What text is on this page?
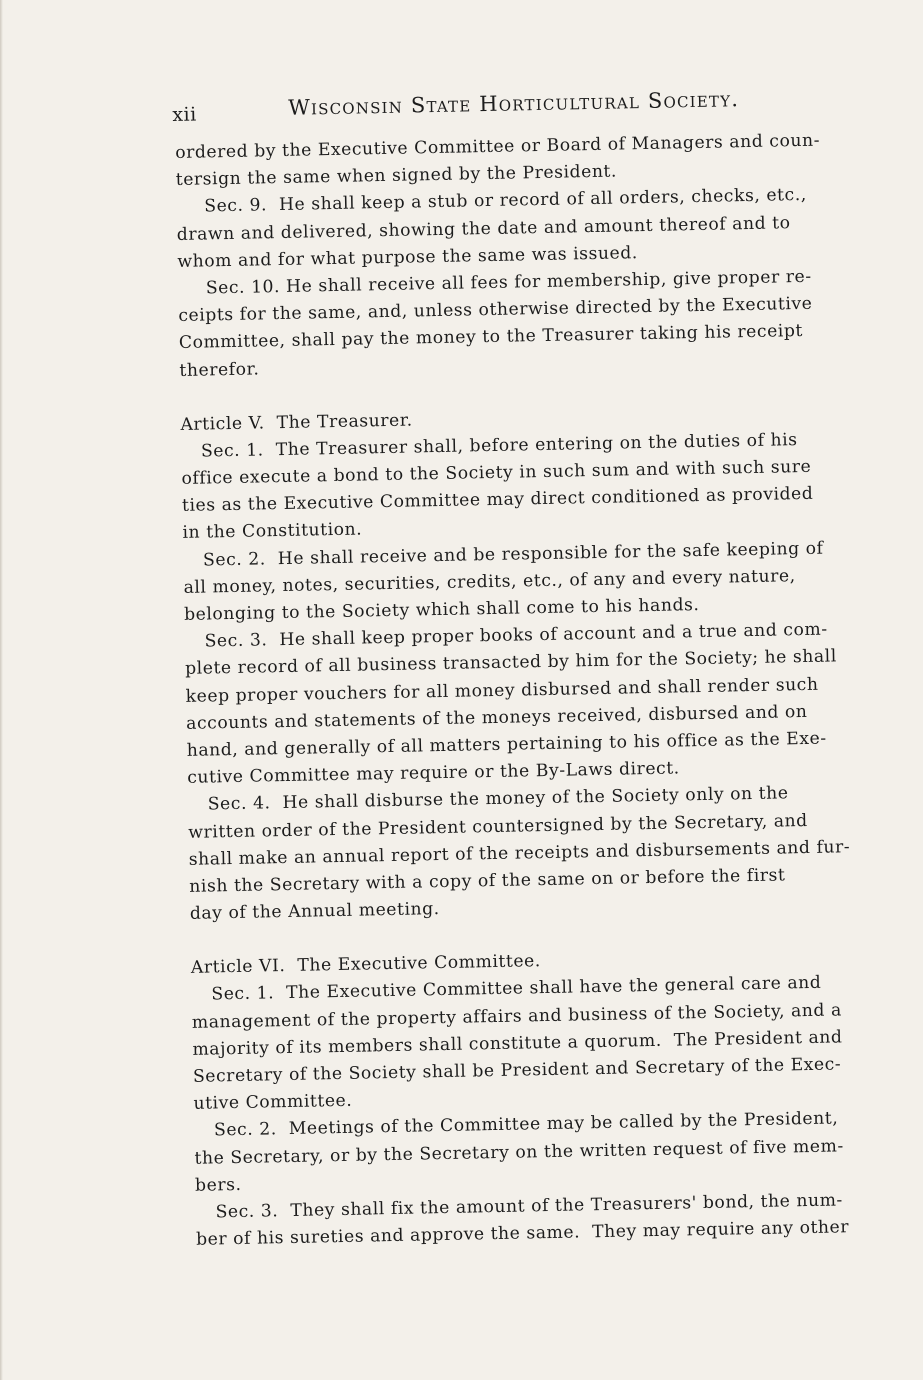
xii	Wisconsin State Horticultural Society.
ordered by the Executive Committee or Board of Managers and coun-
tersign the same when signed by the President.
Sec. 9.  He shall keep a stub or record of all orders, checks, etc.,
drawn and delivered, showing the date and amount thereof and to
whom and for what purpose the same was issued.
Sec. 10. He shall receive all fees for membership, give proper re-
ceipts for the same, and, unless otherwise directed by the Executive
Committee, shall pay the money to the Treasurer taking his receipt
therefor.
Article V.  The Treasurer.
Sec. 1.  The Treasurer shall, before entering on the duties of his
office execute a bond to the Society in such sum and with such sure
ties as the Executive Committee may direct conditioned as provided
in the Constitution.
Sec. 2.  He shall receive and be responsible for the safe keeping of
all money, notes, securities, credits, etc., of any and every nature,
belonging to the Society which shall come to his hands.
Sec. 3.  He shall keep proper books of account and a true and com-
plete record of all business transacted by him for the Society; he shall
keep proper vouchers for all money disbursed and shall render such
accounts and statements of the moneys received, disbursed and on
hand, and generally of all matters pertaining to his office as the Exe-
cutive Committee may require or the By-Laws direct.
Sec. 4.  He shall disburse the money of the Society only on the
written order of the President countersigned by the Secretary, and
shall make an annual report of the receipts and disbursements and fur-
nish the Secretary with a copy of the same on or before the first
day of the Annual meeting.
Article VI.  The Executive Committee.
Sec. 1.  The Executive Committee shall have the general care and
management of the property affairs and business of the Society, and a
majority of its members shall constitute a quorum.  The President and
Secretary of the Society shall be President and Secretary of the Exec-
utive Committee.
Sec. 2.  Meetings of the Committee may be called by the President,
the Secretary, or by the Secretary on the written request of five mem-
bers.
Sec. 3.  They shall fix the amount of the Treasurers' bond, the num-
ber of his sureties and approve the same.  They may require any other
